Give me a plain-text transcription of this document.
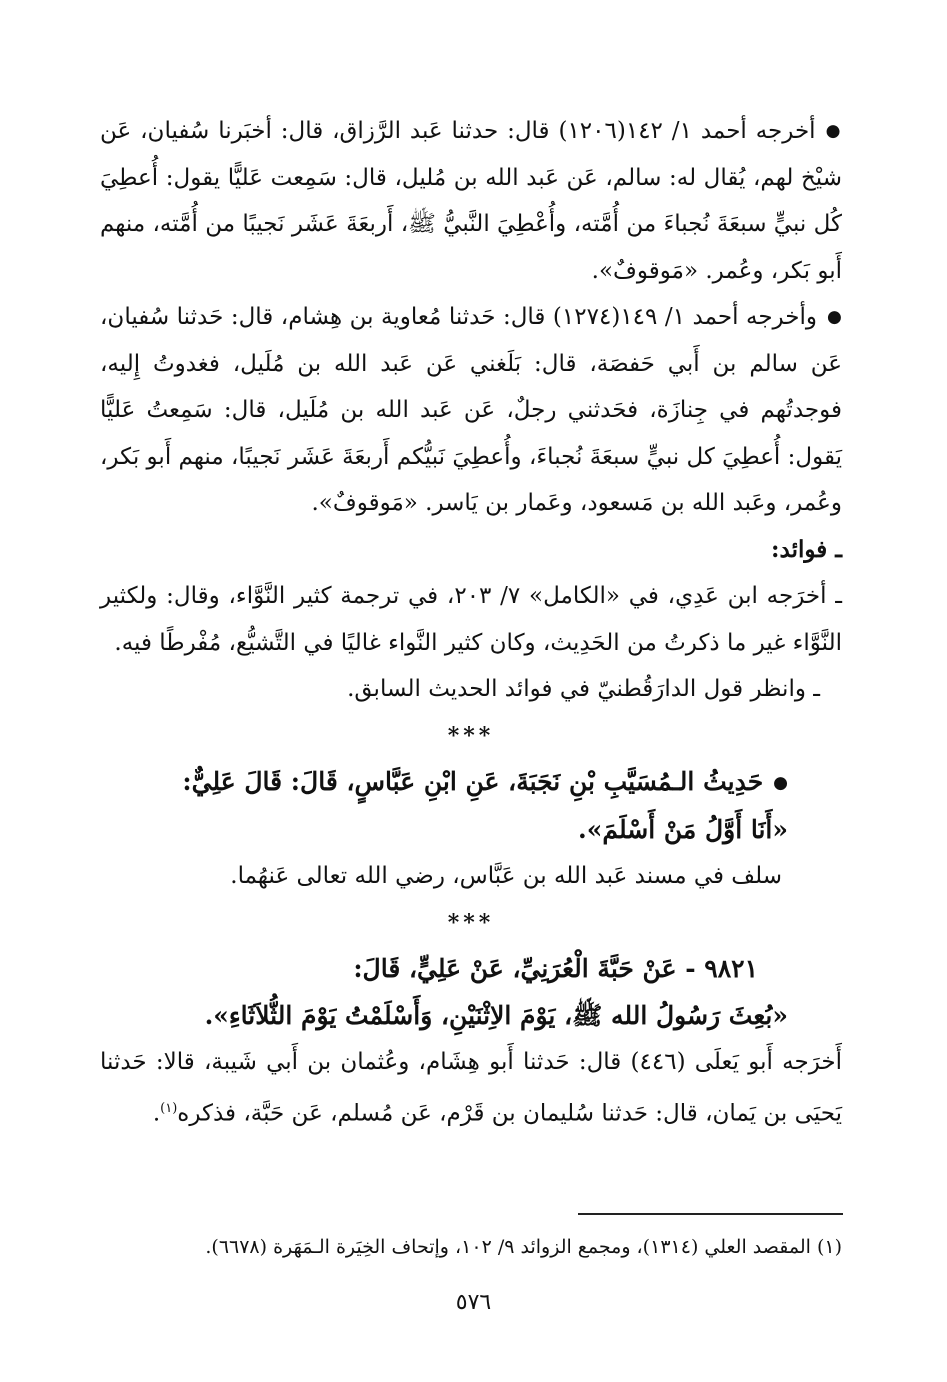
●أخرجه أحمد ١/ ١٤٢(١٢٠٦) قال: حدثنا عَبد الرَّزاق، قال: أخبَرنا سُفيان، عَن شيْخ لهم، يُقال له: سالم، عَن عَبد الله بن مُليل، قال: سَمِعت عَليًّا يقول: أُعطِيَ كُل نبيٍّ سبعَةَ نُجباءَ من أُمَّته، وأُعْطِيَ النَّبيُّ ﷺ، أَربعَةَ عَشَر نَجيبًا من أُمَّته، منهم أَبو بَكر، وعُمر. «مَوقوفٌ».

●وأخرجه أحمد ١/ ١٤٩(١٢٧٤) قال: حَدثنا مُعاوية بن هِشام، قال: حَدثنا سُفيان، عَن سالم بن أَبي حَفصَة، قال: بَلَغني عَن عَبد الله بن مُلَيل، فغدوتُ إِليه، فوجدتُهم في جِنازَة، فحَدثني رجلٌ، عَن عَبد الله بن مُلَيل، قال: سَمِعتُ عَليًّا يَقول: أُعطِيَ كل نبيٍّ سبعَةَ نُجباءَ، وأُعطِيَ نَبيُّكم أَربعَةَ عَشَر نَجيبًا، منهم أَبو بَكر، وعُمر، وعَبد الله بن مَسعود، وعَمار بن يَاسر. «مَوقوفٌ».

ـ فوائد:

ـ أخرَجه ابن عَدِي، في «الكامل» ٧/ ٢٠٣، في ترجمة كثير النَّوَّاء، وقال: ولكثير النَّوَّاء غير ما ذكرتُ من الحَدِيث، وكان كثير النَّواء غاليًا في التَّشيُّع، مُفْرطًا فيه.

ـ وانظر قول الدارَقُطنيّ في فوائد الحديث السابق.

***

●حَدِيثُ الـمُسَيَّبِ بْنِ نَجَبَةَ، عَنِ ابْنِ عَبَّاسٍ، قَالَ: قَالَ عَلِيٌّ:

«أَنَا أَوَّلُ مَنْ أَسْلَمَ».

سلف في مسند عَبد الله بن عَبَّاس، رضي الله تعالى عَنهُما.

***

٩٨٢١ - عَنْ حَبَّةَ الْعُرَنِيِّ، عَنْ عَلِيٍّ، قَالَ:

«بُعِثَ رَسُولُ الله ﷺ، يَوْمَ الاِثْنَيْنِ، وَأَسْلَمْتُ يَوْمَ الثُّلاَثَاءِ».

أَخرَجه أَبو يَعلَى (٤٤٦) قال: حَدثنا أَبو هِشَام، وعُثمان بن أَبي شَيبة، قالا: حَدثنا يَحيَى بن يَمان، قال: حَدثنا سُليمان بن قَرْم، عَن مُسلم، عَن حَبَّة، فذكره$^{(١)}$.

(١) المقصد العلي (١٣١٤)، ومجمع الزوائد ٩/ ١٠٢، وإتحاف الخِيَرة الـمَهَرة (٦٦٧٨).

٥٧٦
